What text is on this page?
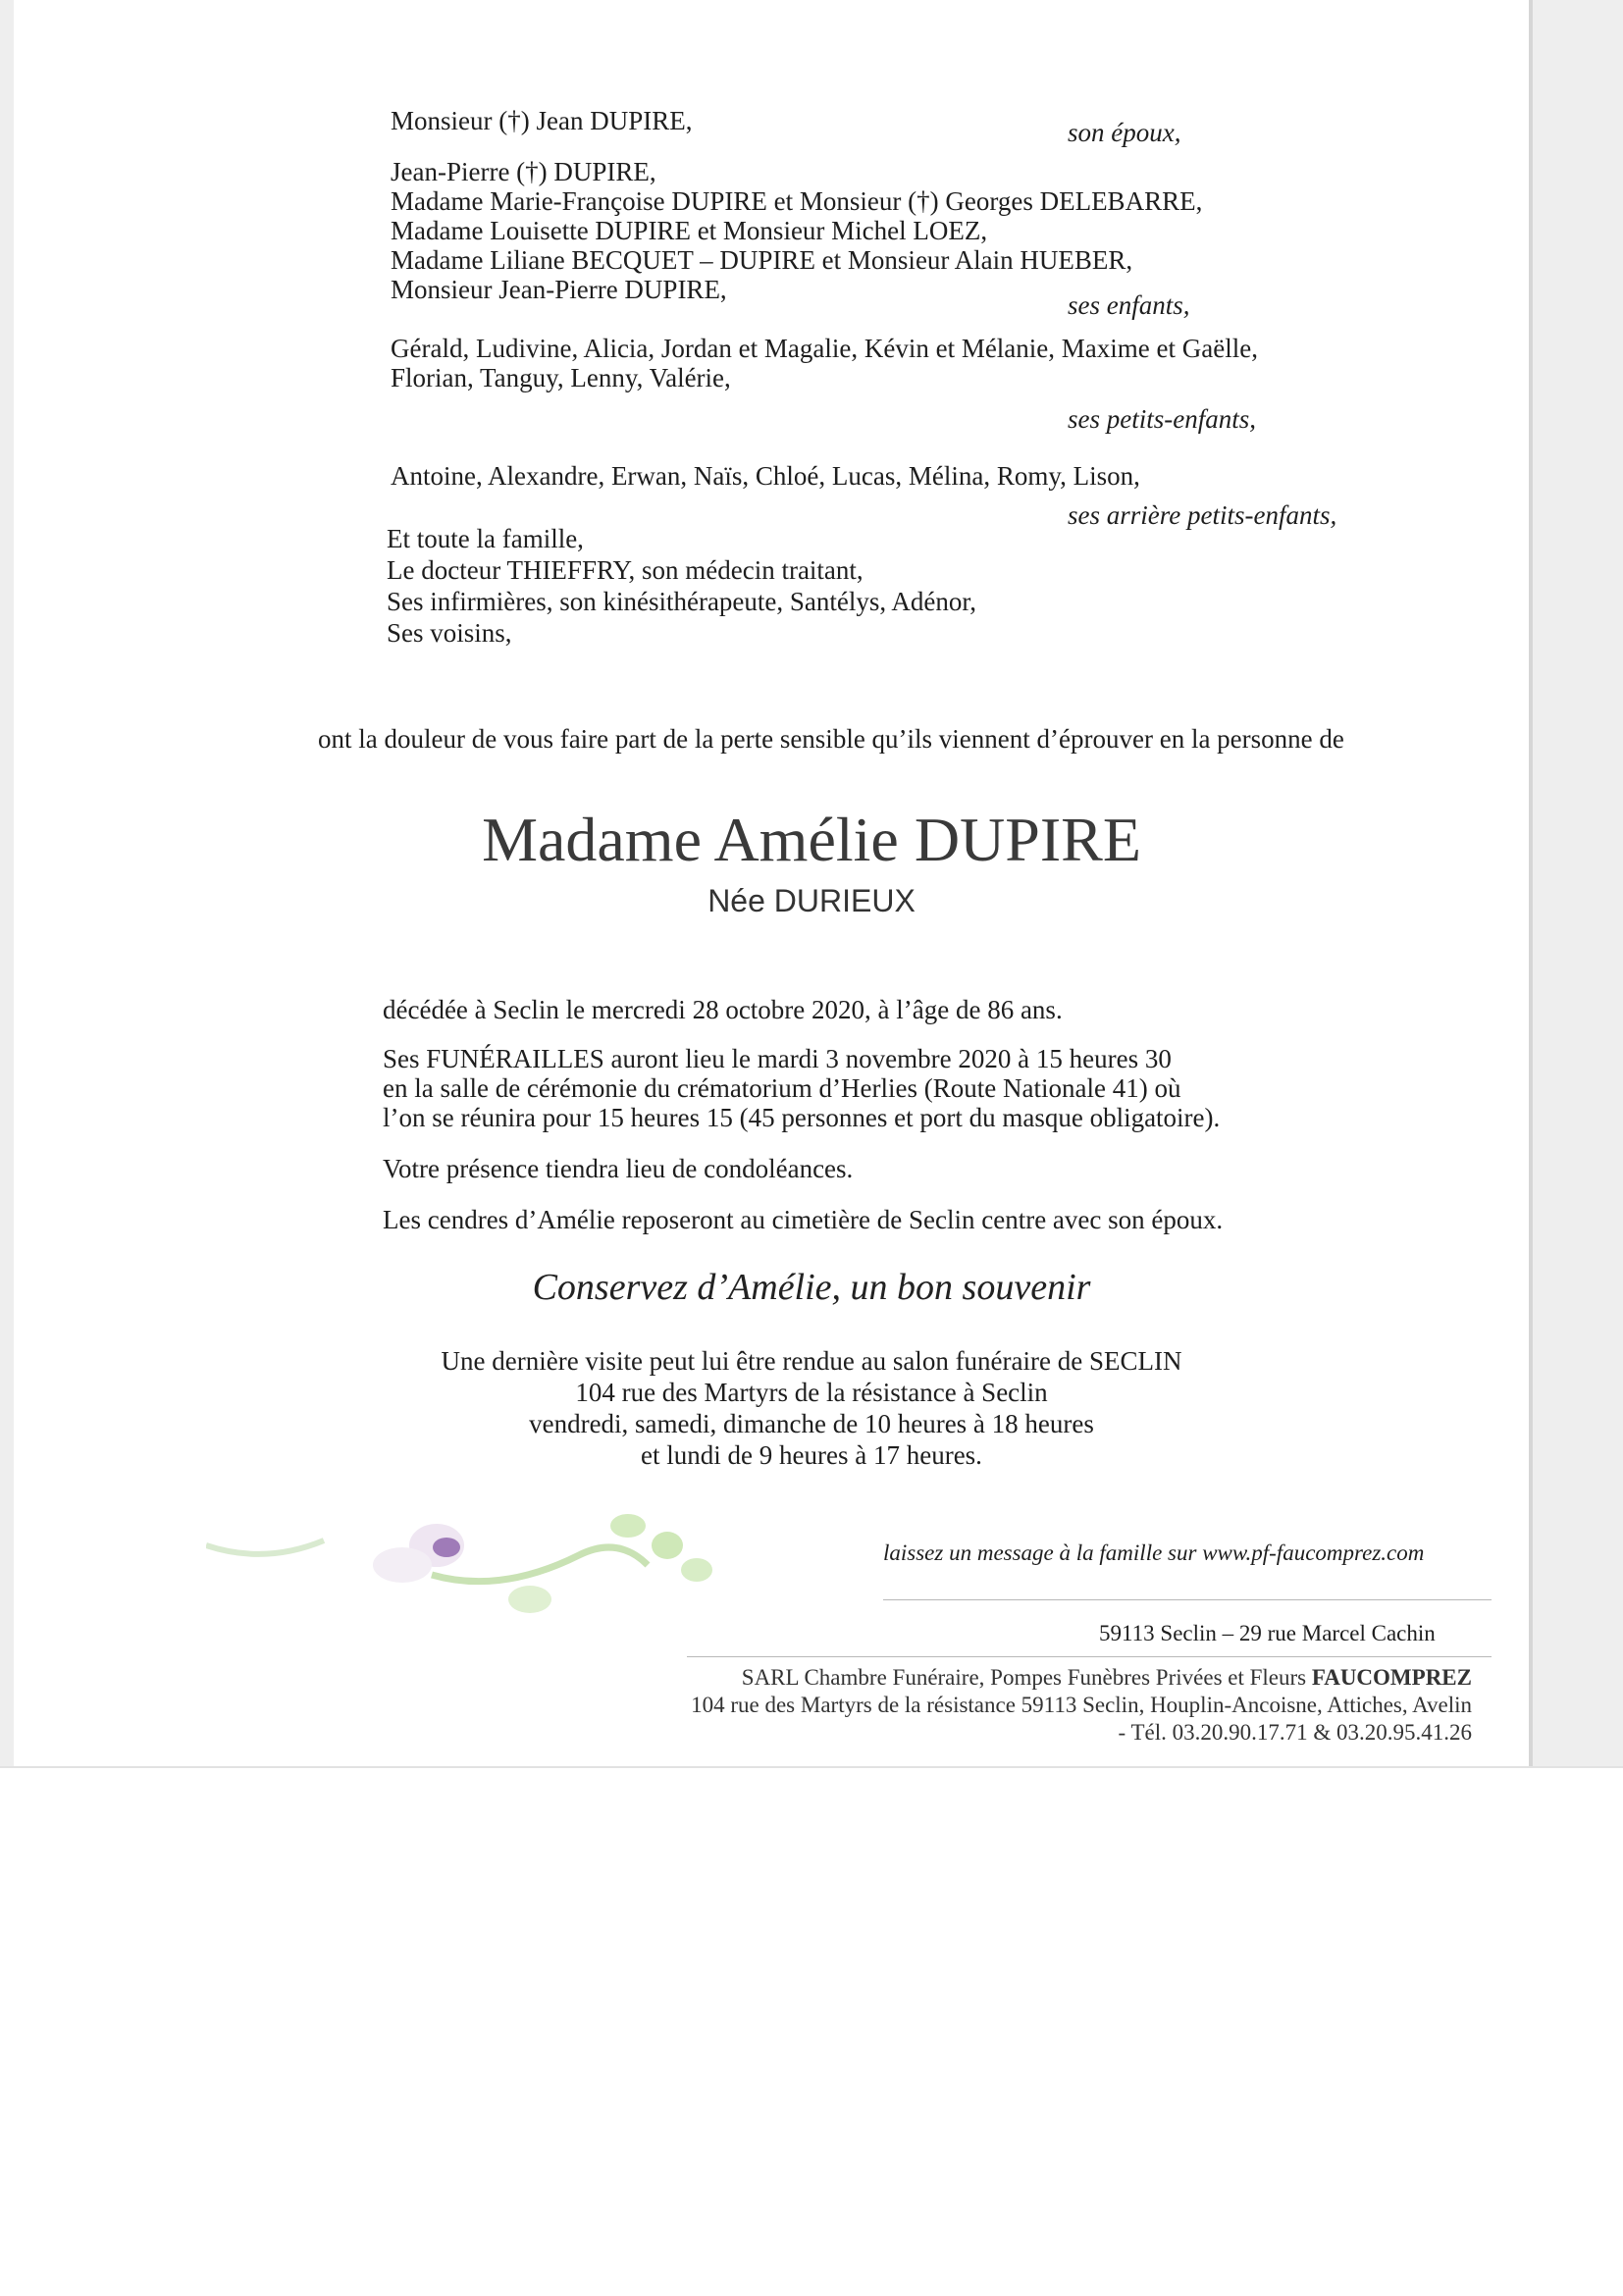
Monsieur (†) Jean DUPIRE,	son époux,
Jean-Pierre (†) DUPIRE,
Madame Marie-Françoise DUPIRE et Monsieur (†) Georges DELEBARRE,
Madame Louisette DUPIRE et Monsieur Michel LOEZ,
Madame Liliane BECQUET – DUPIRE et Monsieur Alain HUEBER,
Monsieur Jean-Pierre DUPIRE,
ses enfants,
Gérald, Ludivine, Alicia, Jordan et Magalie, Kévin et Mélanie, Maxime et Gaëlle,
Florian, Tanguy, Lenny, Valérie,
ses petits-enfants,
Antoine, Alexandre, Erwan, Naïs, Chloé, Lucas, Mélina, Romy, Lison,
ses arrière petits-enfants,
Et toute la famille,
Le docteur THIEFFRY, son médecin traitant,
Ses infirmières, son kinésithérapeute, Santélys, Adénor,
Ses voisins,
ont la douleur de vous faire part de la perte sensible qu’ils viennent d’éprouver en la personne de
Madame Amélie DUPIRE
Née DURIEUX
décédée à Seclin le mercredi 28 octobre 2020, à l’âge de 86 ans.
Ses FUNÉRAILLES auront lieu le mardi 3 novembre 2020 à 15 heures 30
en la salle de cérémonie du crématorium d’Herlies (Route Nationale 41) où
l’on se réunira pour 15 heures 15 (45 personnes et port du masque obligatoire).
Votre présence tiendra lieu de condoléances.
Les cendres d’Amélie reposeront au cimetière de Seclin centre avec son époux.
Conservez d’Amélie, un bon souvenir
Une dernière visite peut lui être rendue au salon funéraire de SECLIN
104 rue des Martyrs de la résistance à Seclin
vendredi, samedi, dimanche de 10 heures à 18 heures
et lundi de 9 heures à 17 heures.
laissez un message à la famille sur www.pf-faucomprez.com
59113 Seclin – 29 rue Marcel Cachin
SARL Chambre Funéraire, Pompes Funèbres Privées et Fleurs FAUCOMPREZ
104 rue des Martyrs de la résistance 59113 Seclin, Houplin-Ancoisne, Attiches, Avelin
- Tél. 03.20.90.17.71 & 03.20.95.41.26
